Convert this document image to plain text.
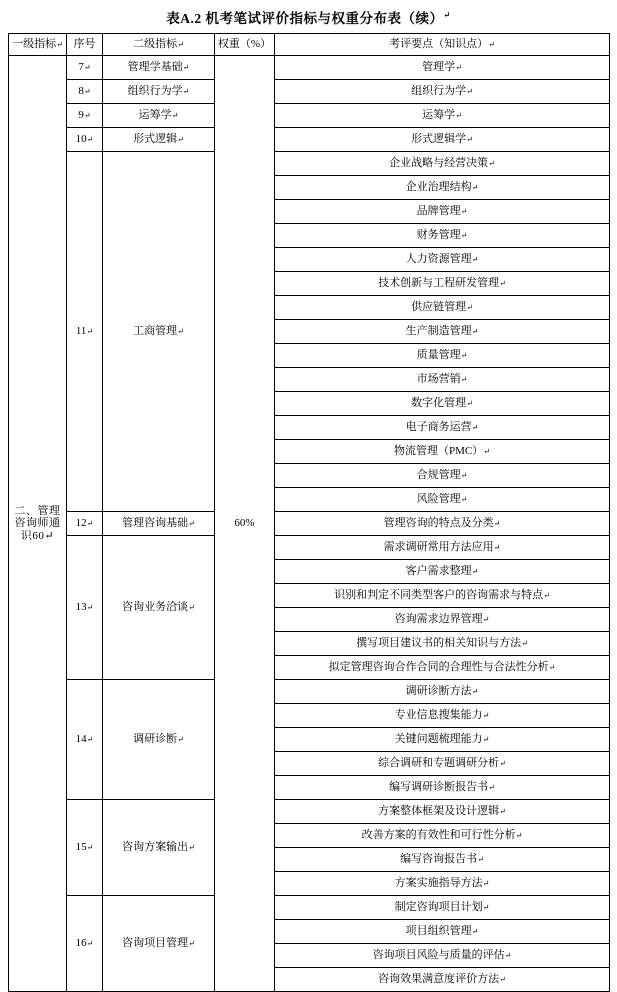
表A.2 机考笔试评价指标与权重分布表（续）↵
一级指标↵	序号	二级指标↵	权重（%）	考评要点（知识点）↵
二、管理咨询师通识60↵	7↵	管理学基础↵	60%	管理学↵
	8↵	组织行为学↵		组织行为学↵
	9↵	运筹学↵		运筹学↵
	10↵	形式逻辑↵		形式逻辑学↵
	11↵	工商管理↵		企业战略与经营决策↵
				企业治理结构↵
				品牌管理↵
				财务管理↵
				人力资源管理↵
				技术创新与工程研发管理↵
				供应链管理↵
				生产制造管理↵
				质量管理↵
				市场营销↵
				数字化管理↵
				电子商务运营↵
				物流管理（PMC）↵
				合规管理↵
				风险管理↵
	12↵	管理咨询基础↵		管理咨询的特点及分类↵
	13↵	咨询业务洽谈↵		需求调研常用方法应用↵
				客户需求整理↵
				识别和判定不同类型客户的咨询需求与特点↵
				咨询需求边界管理↵
				撰写项目建议书的相关知识与方法↵
				拟定管理咨询合作合同的合理性与合法性分析↵
	14↵	调研诊断↵		调研诊断方法↵
				专业信息搜集能力↵
				关键问题梳理能力↵
				综合调研和专题调研分析↵
				编写调研诊断报告书↵
	15↵	咨询方案输出↵		方案整体框架及设计逻辑↵
				改善方案的有效性和可行性分析↵
				编写咨询报告书↵
				方案实施指导方法↵
	16↵	咨询项目管理↵		制定咨询项目计划↵
				项目组织管理↵
				咨询项目风险与质量的评估↵
				咨询效果满意度评价方法↵
